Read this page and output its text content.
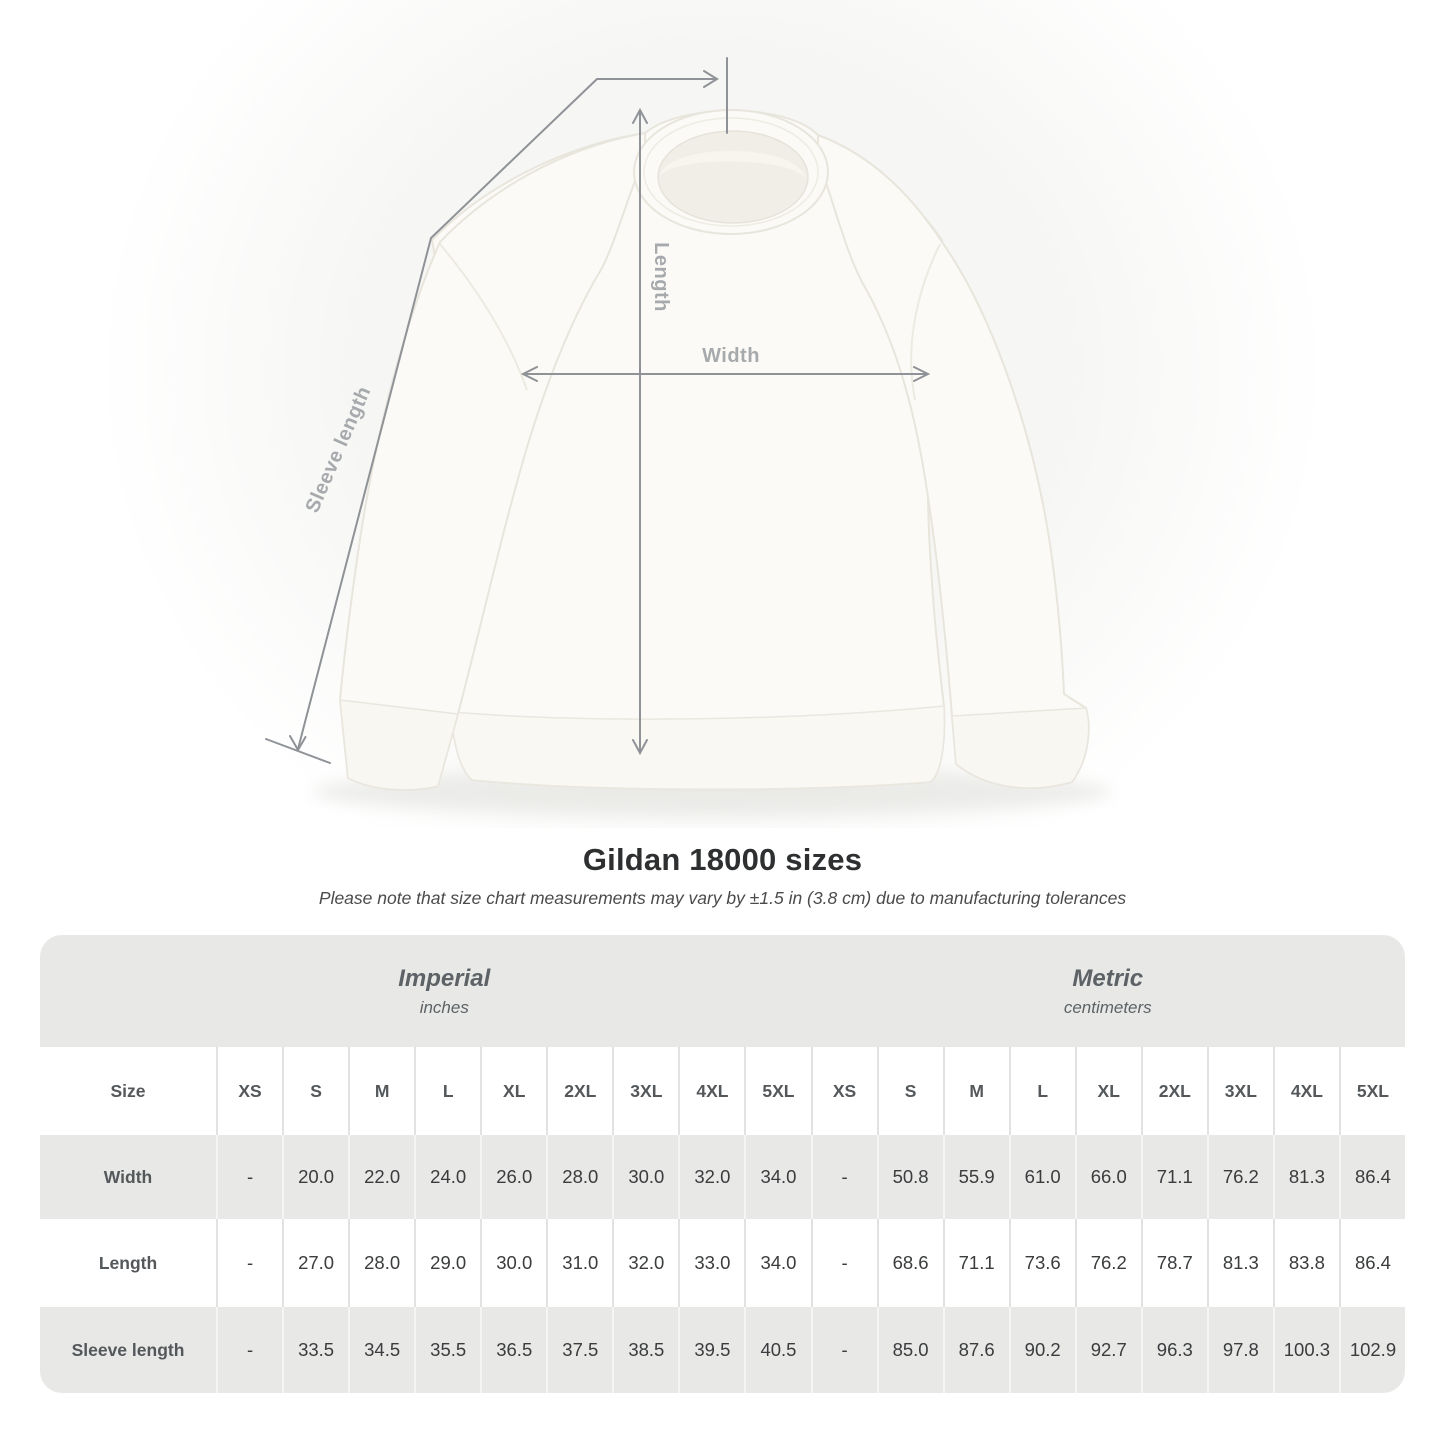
Length
Width
Sleeve length
Gildan 18000 sizes

Please note that size chart measurements may vary by ±1.5 in (3.8 cm) due to manufacturing tolerances

Imperial
inches
Metric
centimeters
Size	XS	S	M	L	XL	2XL	3XL	4XL	5XL	XS	S	M	L	XL	2XL	3XL	4XL	5XL
Width	-	20.0	22.0	24.0	26.0	28.0	30.0	32.0	34.0	-	50.8	55.9	61.0	66.0	71.1	76.2	81.3	86.4
Length	-	27.0	28.0	29.0	30.0	31.0	32.0	33.0	34.0	-	68.6	71.1	73.6	76.2	78.7	81.3	83.8	86.4
Sleeve length	-	33.5	34.5	35.5	36.5	37.5	38.5	39.5	40.5	-	85.0	87.6	90.2	92.7	96.3	97.8	100.3	102.9
